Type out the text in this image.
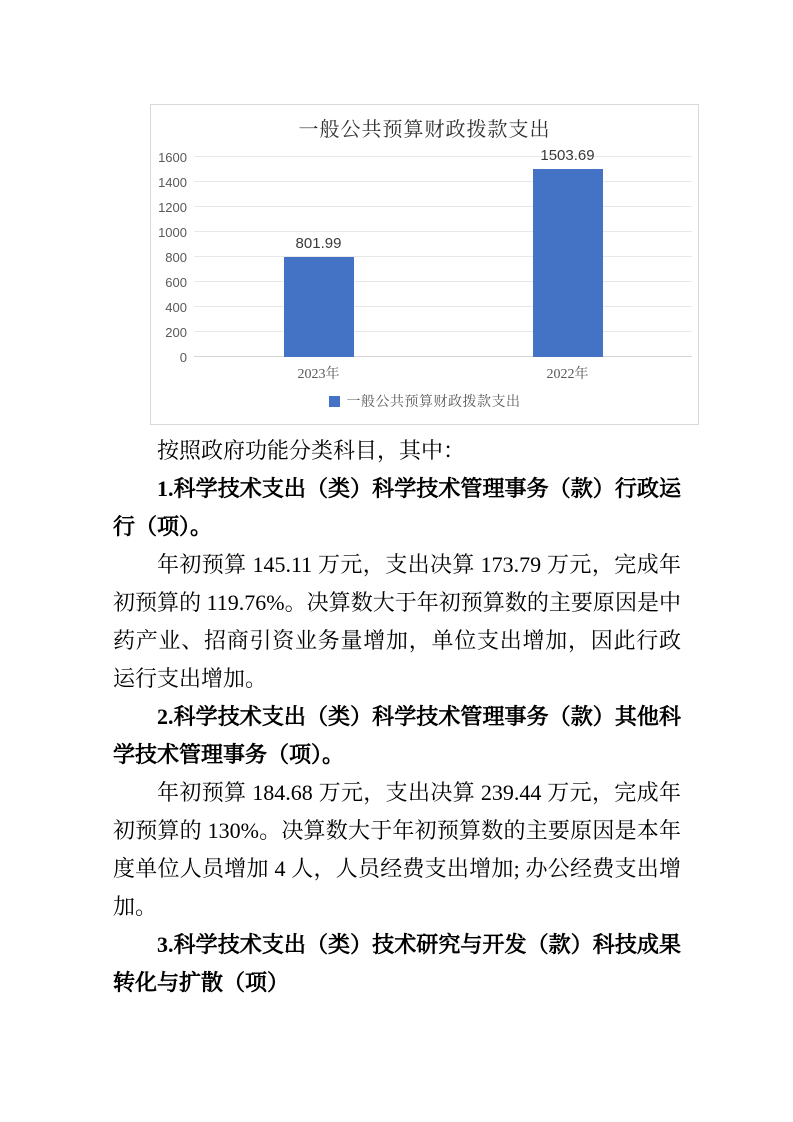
一般公共预算财政拨款支出
0
200
400
600
800
1000
1200
1400
1600
801.99
1503.69
2023年	2022年
一般公共预算财政拨款支出

按照政府功能分类科目，其中：

1.科学技术支出（类）科学技术管理事务（款）行政运行（项）。

年初预算 145.11 万元，支出决算 173.79 万元，完成年初预算的 119.76%。决算数大于年初预算数的主要原因是中药产业、招商引资业务量增加，单位支出增加，因此行政运行支出增加。

2.科学技术支出（类）科学技术管理事务（款）其他科学技术管理事务（项）。

年初预算 184.68 万元，支出决算 239.44 万元，完成年初预算的 130%。决算数大于年初预算数的主要原因是本年度单位人员增加 4 人，人员经费支出增加; 办公经费支出增加。

3.科学技术支出（类）技术研究与开发（款）科技成果转化与扩散（项）
